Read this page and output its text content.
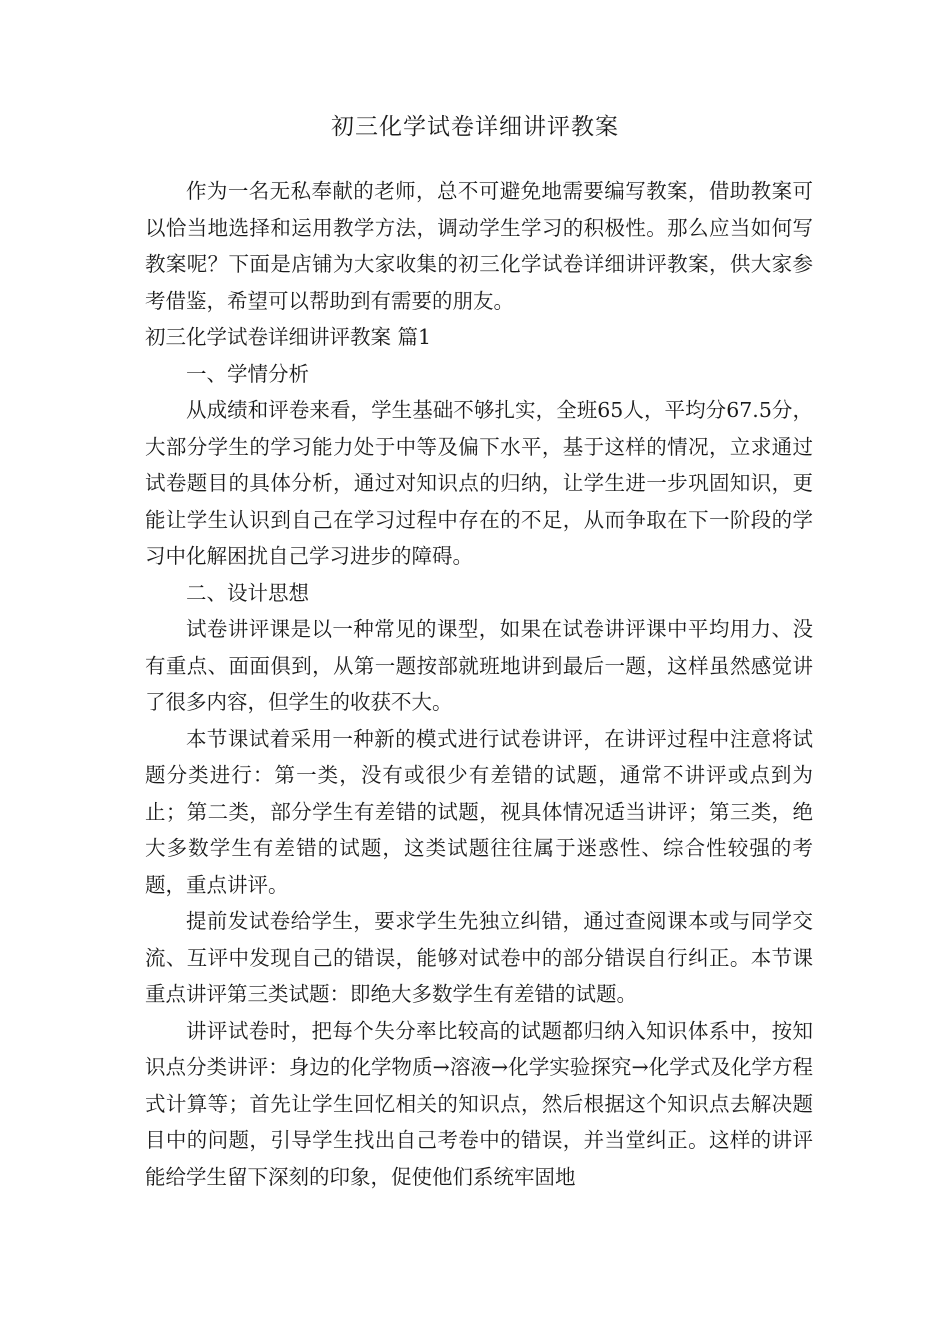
初三化学试卷详细讲评教案

作为一名无私奉献的老师，总不可避免地需要编写教案，借助教案可以恰当地选择和运用教学方法，调动学生学习的积极性。那么应当如何写教案呢？下面是店铺为大家收集的初三化学试卷详细讲评教案，供大家参考借鉴，希望可以帮助到有需要的朋友。

初三化学试卷详细讲评教案 篇1

一、学情分析

从成绩和评卷来看，学生基础不够扎实，全班65人，平均分67.5分，大部分学生的学习能力处于中等及偏下水平，基于这样的情况，立求通过试卷题目的具体分析，通过对知识点的归纳，让学生进一步巩固知识，更能让学生认识到自己在学习过程中存在的不足，从而争取在下一阶段的学习中化解困扰自己学习进步的障碍。

二、设计思想

试卷讲评课是以一种常见的课型，如果在试卷讲评课中平均用力、没有重点、面面俱到，从第一题按部就班地讲到最后一题，这样虽然感觉讲了很多内容，但学生的收获不大。

本节课试着采用一种新的模式进行试卷讲评，在讲评过程中注意将试题分类进行：第一类，没有或很少有差错的试题，通常不讲评或点到为止；第二类，部分学生有差错的试题，视具体情况适当讲评；第三类，绝大多数学生有差错的试题，这类试题往往属于迷惑性、综合性较强的考题，重点讲评。

提前发试卷给学生，要求学生先独立纠错，通过查阅课本或与同学交流、互评中发现自己的错误，能够对试卷中的部分错误自行纠正。本节课重点讲评第三类试题：即绝大多数学生有差错的试题。

讲评试卷时，把每个失分率比较高的试题都归纳入知识体系中，按知识点分类讲评：身边的化学物质→溶液→化学实验探究→化学式及化学方程式计算等；首先让学生回忆相关的知识点，然后根据这个知识点去解决题目中的问题，引导学生找出自己考卷中的错误，并当堂纠正。这样的讲评能给学生留下深刻的印象，促使他们系统牢固地
